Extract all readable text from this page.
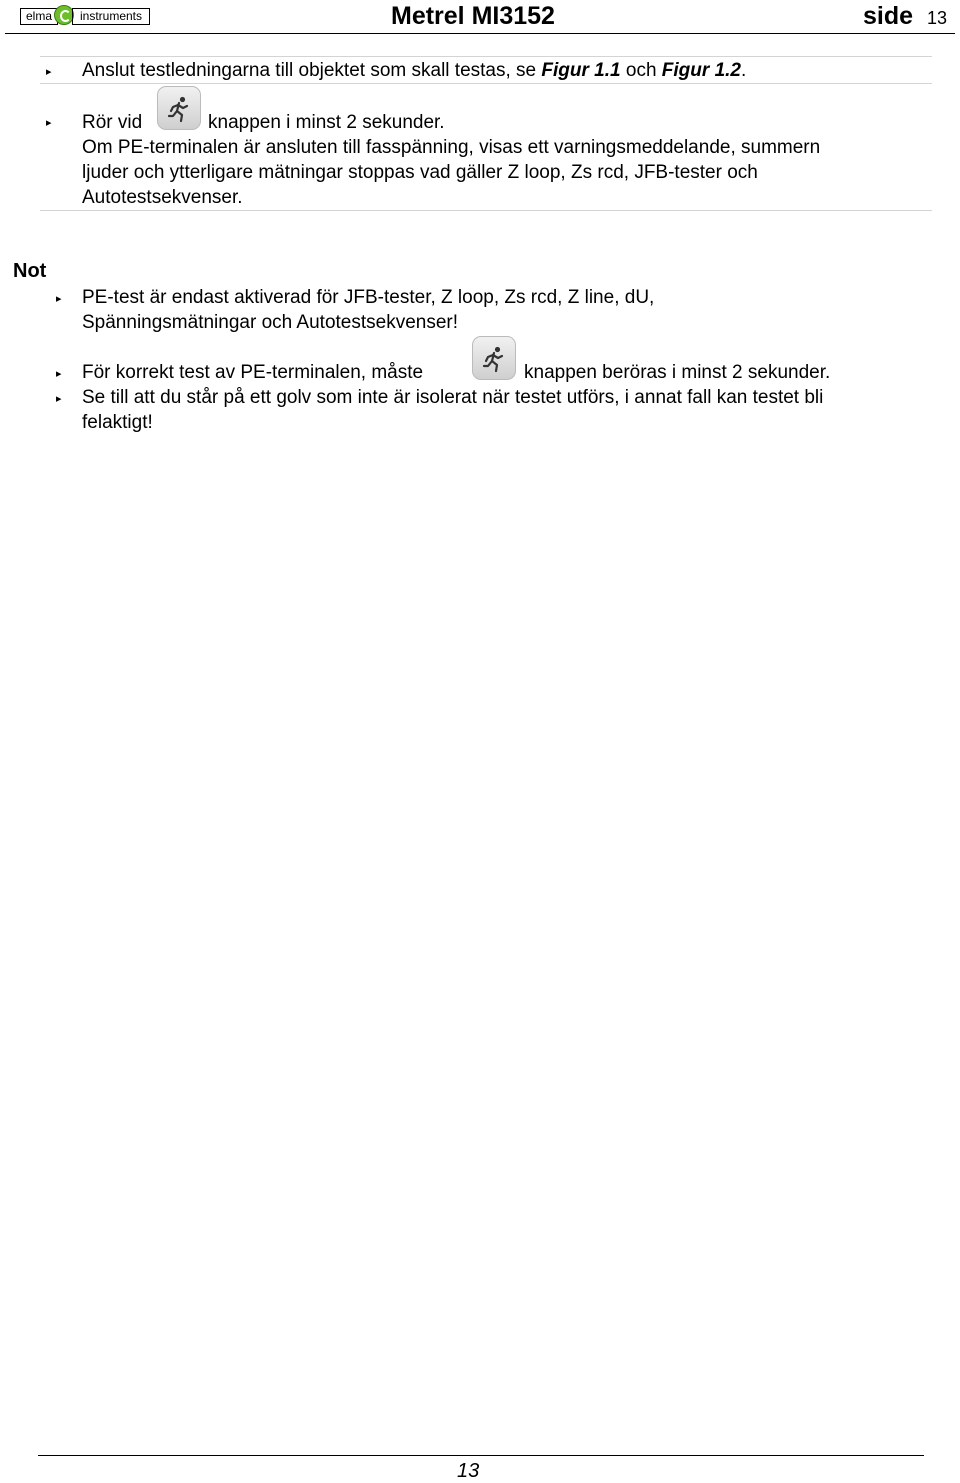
elma	instruments	Metrel MI3152	side 13
▸ Anslut testledningarna till objektet som skall testas, se Figur 1.1 och Figur 1.2.
▸ Rör vid	knappen i minst 2 sekunder.
Om PE-terminalen är ansluten till fasspänning, visas ett varningsmeddelande, summern
ljuder och ytterligare mätningar stoppas vad gäller Z loop, Zs rcd, JFB-tester och
Autotestsekvenser.
Not
▸ PE-test är endast aktiverad för JFB-tester, Z loop, Zs rcd, Z line, dU,
Spänningsmätningar och Autotestsekvenser!
▸ För korrekt test av PE-terminalen, måste	knappen beröras i minst 2 sekunder.
▸ Se till att du står på ett golv som inte är isolerat när testet utförs, i annat fall kan testet bli
felaktigt!
13
